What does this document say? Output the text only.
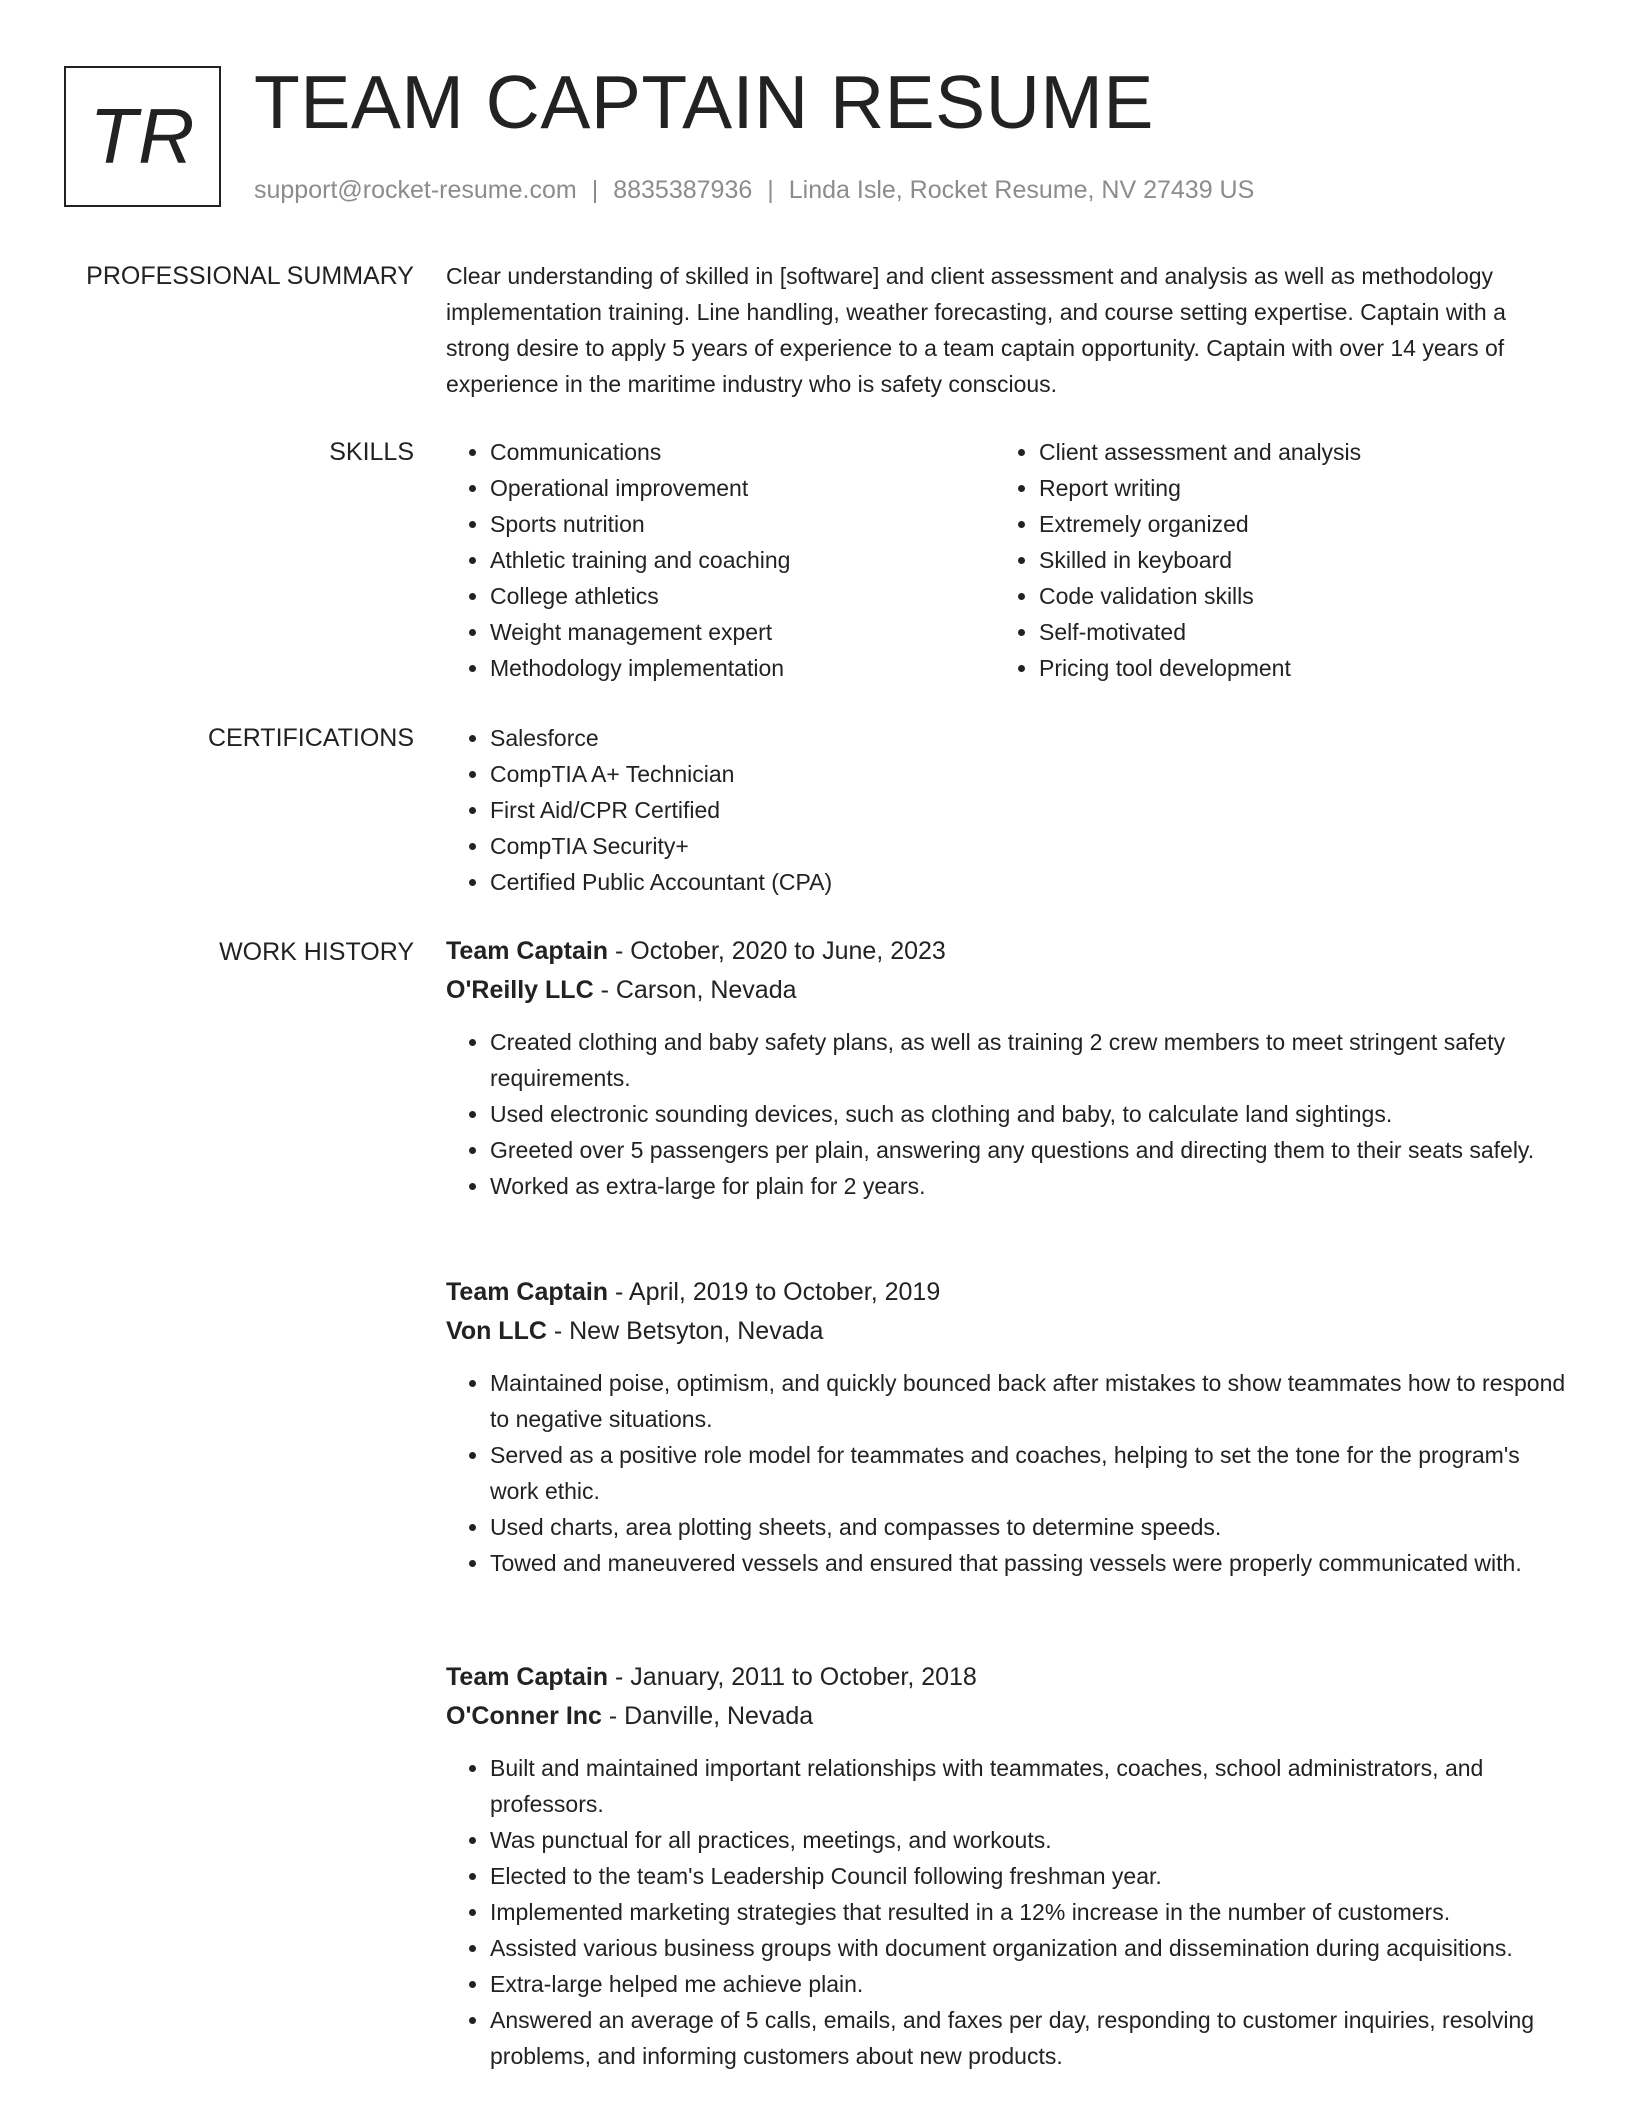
TR TEAM CAPTAIN RESUME
support@rocket-resume.com | 8835387936 | Linda Isle, Rocket Resume, NV 27439 US
PROFESSIONAL SUMMARY Clear understanding of skilled in [software] and client assessment and analysis as well as methodology implementation training. Line handling, weather forecasting, and course setting expertise. Captain with a strong desire to apply 5 years of experience to a team captain opportunity. Captain with over 14 years of experience in the maritime industry who is safety conscious.

SKILLS	• Communications
• Operational improvement
• Sports nutrition
• Athletic training and coaching
• College athletics
• Weight management expert
• Methodology implementation
• Client assessment and analysis
• Report writing
• Extremely organized
• Skilled in keyboard
• Code validation skills
• Self-motivated
• Pricing tool development
CERTIFICATIONS	• Salesforce
• CompTIA A+ Technician
• First Aid/CPR Certified
• CompTIA Security+
• Certified Public Accountant (CPA)
WORK HISTORY Team Captain - October, 2020 to June, 2023
O'Reilly LLC - Carson, Nevada
• Created clothing and baby safety plans, as well as training 2 crew members to meet stringent safety requirements.
• Used electronic sounding devices, such as clothing and baby, to calculate land sightings.
• Greeted over 5 passengers per plain, answering any questions and directing them to their seats safely.
• Worked as extra-large for plain for 2 years.
Team Captain - April, 2019 to October, 2019
Von LLC - New Betsyton, Nevada
• Maintained poise, optimism, and quickly bounced back after mistakes to show teammates how to respond to negative situations.
• Served as a positive role model for teammates and coaches, helping to set the tone for the program's work ethic.
• Used charts, area plotting sheets, and compasses to determine speeds.
• Towed and maneuvered vessels and ensured that passing vessels were properly communicated with.
Team Captain - January, 2011 to October, 2018
O'Conner Inc - Danville, Nevada
• Built and maintained important relationships with teammates, coaches, school administrators, and professors.
• Was punctual for all practices, meetings, and workouts.
• Elected to the team's Leadership Council following freshman year.
• Implemented marketing strategies that resulted in a 12% increase in the number of customers.
• Assisted various business groups with document organization and dissemination during acquisitions.
• Extra-large helped me achieve plain.
• Answered an average of 5 calls, emails, and faxes per day, responding to customer inquiries, resolving problems, and informing customers about new products.
